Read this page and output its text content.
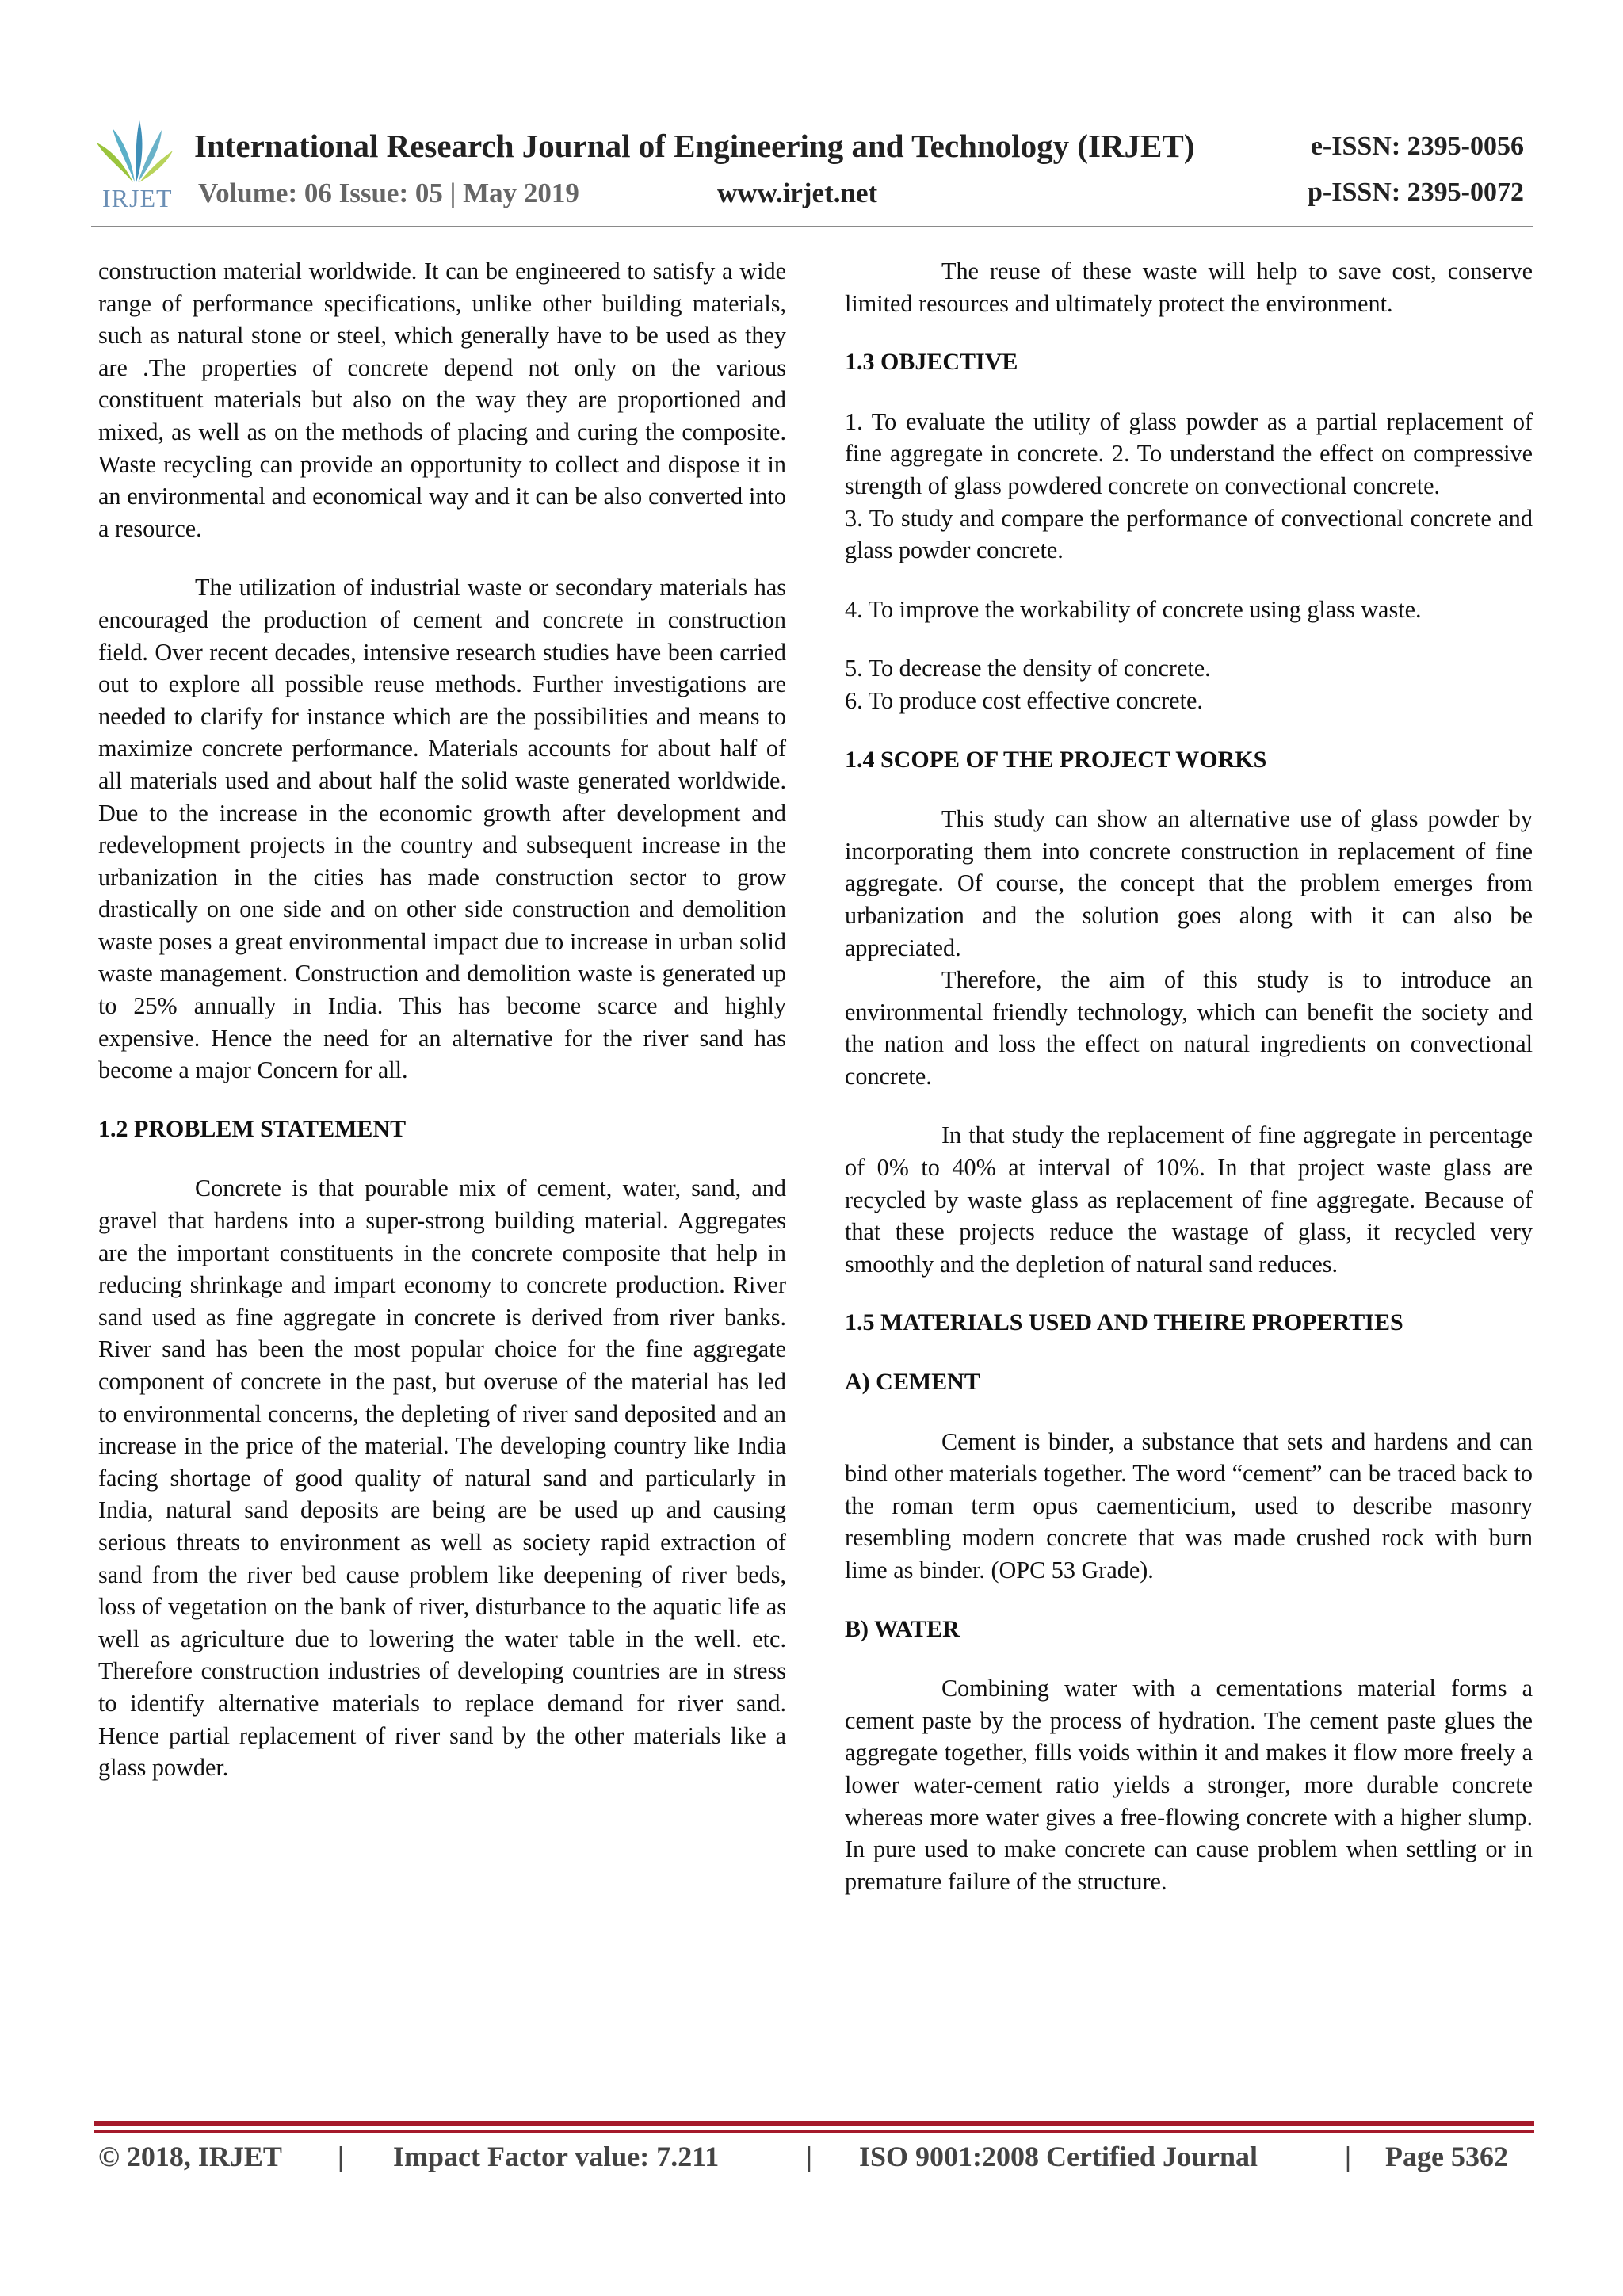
IRJET
International Research Journal of Engineering and Technology (IRJET)	e-ISSN: 2395-0056
Volume: 06 Issue: 05 | May 2019	www.irjet.net	p-ISSN: 2395-0072

construction material worldwide. It can be engineered to satisfy a wide range of performance specifications, unlike other building materials, such as natural stone or steel, which generally have to be used as they are .The properties of concrete depend not only on the various constituent materials but also on the way they are proportioned and mixed, as well as on the methods of placing and curing the composite. Waste recycling can provide an opportunity to collect and dispose it in an environmental and economical way and it can be also converted into a resource.

The utilization of industrial waste or secondary materials has encouraged the production of cement and concrete in construction field. Over recent decades, intensive research studies have been carried out to explore all possible reuse methods. Further investigations are needed to clarify for instance which are the possibilities and means to maximize concrete performance. Materials accounts for about half of all materials used and about half the solid waste generated worldwide. Due to the increase in the economic growth after development and redevelopment projects in the country and subsequent increase in the urbanization in the cities has made construction sector to grow drastically on one side and on other side construction and demolition waste poses a great environmental impact due to increase in urban solid waste management. Construction and demolition waste is generated up to 25% annually in India. This has become scarce and highly expensive. Hence the need for an alternative for the river sand has become a major Concern for all.

1.2 PROBLEM STATEMENT

Concrete is that pourable mix of cement, water, sand, and gravel that hardens into a super-strong building material. Aggregates are the important constituents in the concrete composite that help in reducing shrinkage and impart economy to concrete production. River sand used as fine aggregate in concrete is derived from river banks. River sand has been the most popular choice for the fine aggregate component of concrete in the past, but overuse of the material has led to environmental concerns, the depleting of river sand deposited and an increase in the price of the material. The developing country like India facing shortage of good quality of natural sand and particularly in India, natural sand deposits are being are be used up and causing serious threats to environment as well as society rapid extraction of sand from the river bed cause problem like deepening of river beds, loss of vegetation on the bank of river, disturbance to the aquatic life as well as agriculture due to lowering the water table in the well. etc. Therefore construction industries of developing countries are in stress to identify alternative materials to replace demand for river sand. Hence partial replacement of river sand by the other materials like a glass powder.

The reuse of these waste will help to save cost, conserve limited resources and ultimately protect the environment.

1.3 OBJECTIVE

1. To evaluate the utility of glass powder as a partial replacement of fine aggregate in concrete. 2. To understand the effect on compressive strength of glass powdered concrete on convectional concrete.

3. To study and compare the performance of convectional concrete and glass powder concrete.

4. To improve the workability of concrete using glass waste.

5. To decrease the density of concrete.

6. To produce cost effective concrete.

1.4 SCOPE OF THE PROJECT WORKS

This study can show an alternative use of glass powder by incorporating them into concrete construction in replacement of fine aggregate. Of course, the concept that the problem emerges from urbanization and the solution goes along with it can also be appreciated.

Therefore, the aim of this study is to introduce an environmental friendly technology, which can benefit the society and the nation and loss the effect on natural ingredients on convectional concrete.

In that study the replacement of fine aggregate in percentage of 0% to 40% at interval of 10%. In that project waste glass are recycled by waste glass as replacement of fine aggregate. Because of that these projects reduce the wastage of glass, it recycled very smoothly and the depletion of natural sand reduces.

1.5 MATERIALS USED AND THEIRE PROPERTIES
A) CEMENT

Cement is binder, a substance that sets and hardens and can bind other materials together. The word “cement” can be traced back to the roman term opus caementicium, used to describe masonry resembling modern concrete that was made crushed rock with burn lime as binder. (OPC 53 Grade).

B) WATER

Combining water with a cementations material forms a cement paste by the process of hydration. The cement paste glues the aggregate together, fills voids within it and makes it flow more freely a lower water-cement ratio yields a stronger, more durable concrete whereas more water gives a free-flowing concrete with a higher slump. In pure used to make concrete can cause problem when settling or in premature failure of the structure.

© 2018, IRJET | Impact Factor value: 7.211	| ISO 9001:2008 Certified Journal	| Page 5362
